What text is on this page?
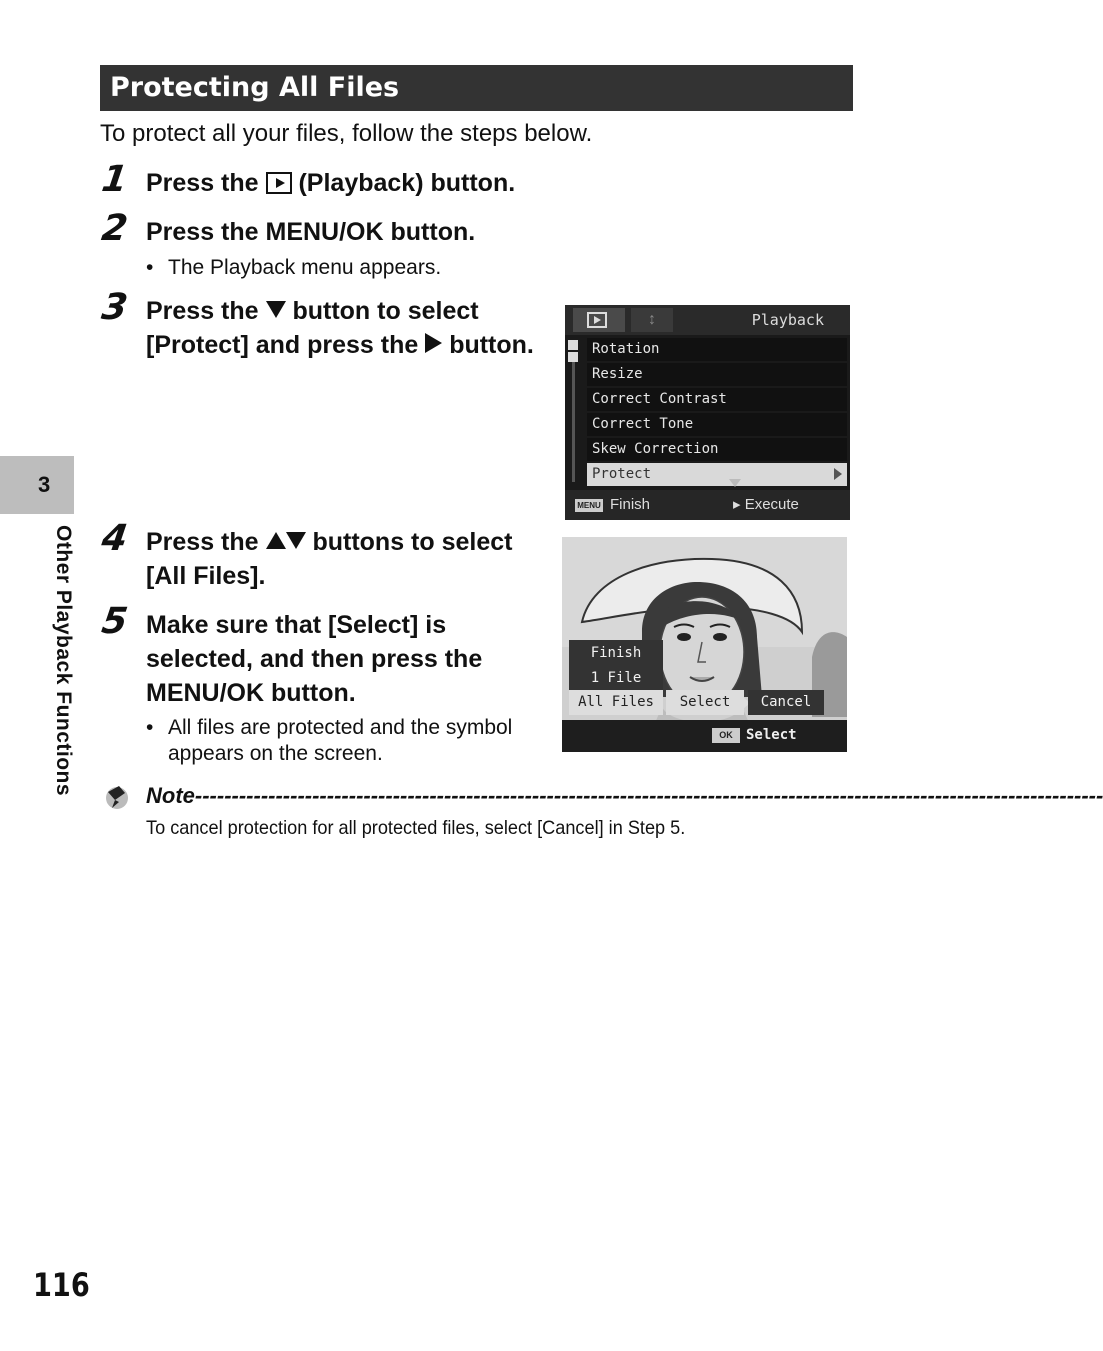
Protecting All Files
To protect all your files, follow the steps below.
3
Other Playback Functions
1 Press the (Playback) button.
2 Press the MENU/OK button.
• The Playback menu appears.
3 Press the button to select [Protect] and press the button.
↕	Playback
Rotation
Resize
Correct Contrast
Correct Tone
Skew Correction
Protect
MENU Finish	▸ Execute
4 Press the buttons to select [All Files].
5 Make sure that [Select] is selected, and then press the MENU/OK button.
• All files are protected and the symbol
appears on the screen.
Finish
1 File
All Files	Select	Cancel
OK Select
Note----------------------------------------------------------------------------------------------------------------------------
To cancel protection for all protected files, select [Cancel] in Step 5.
116
